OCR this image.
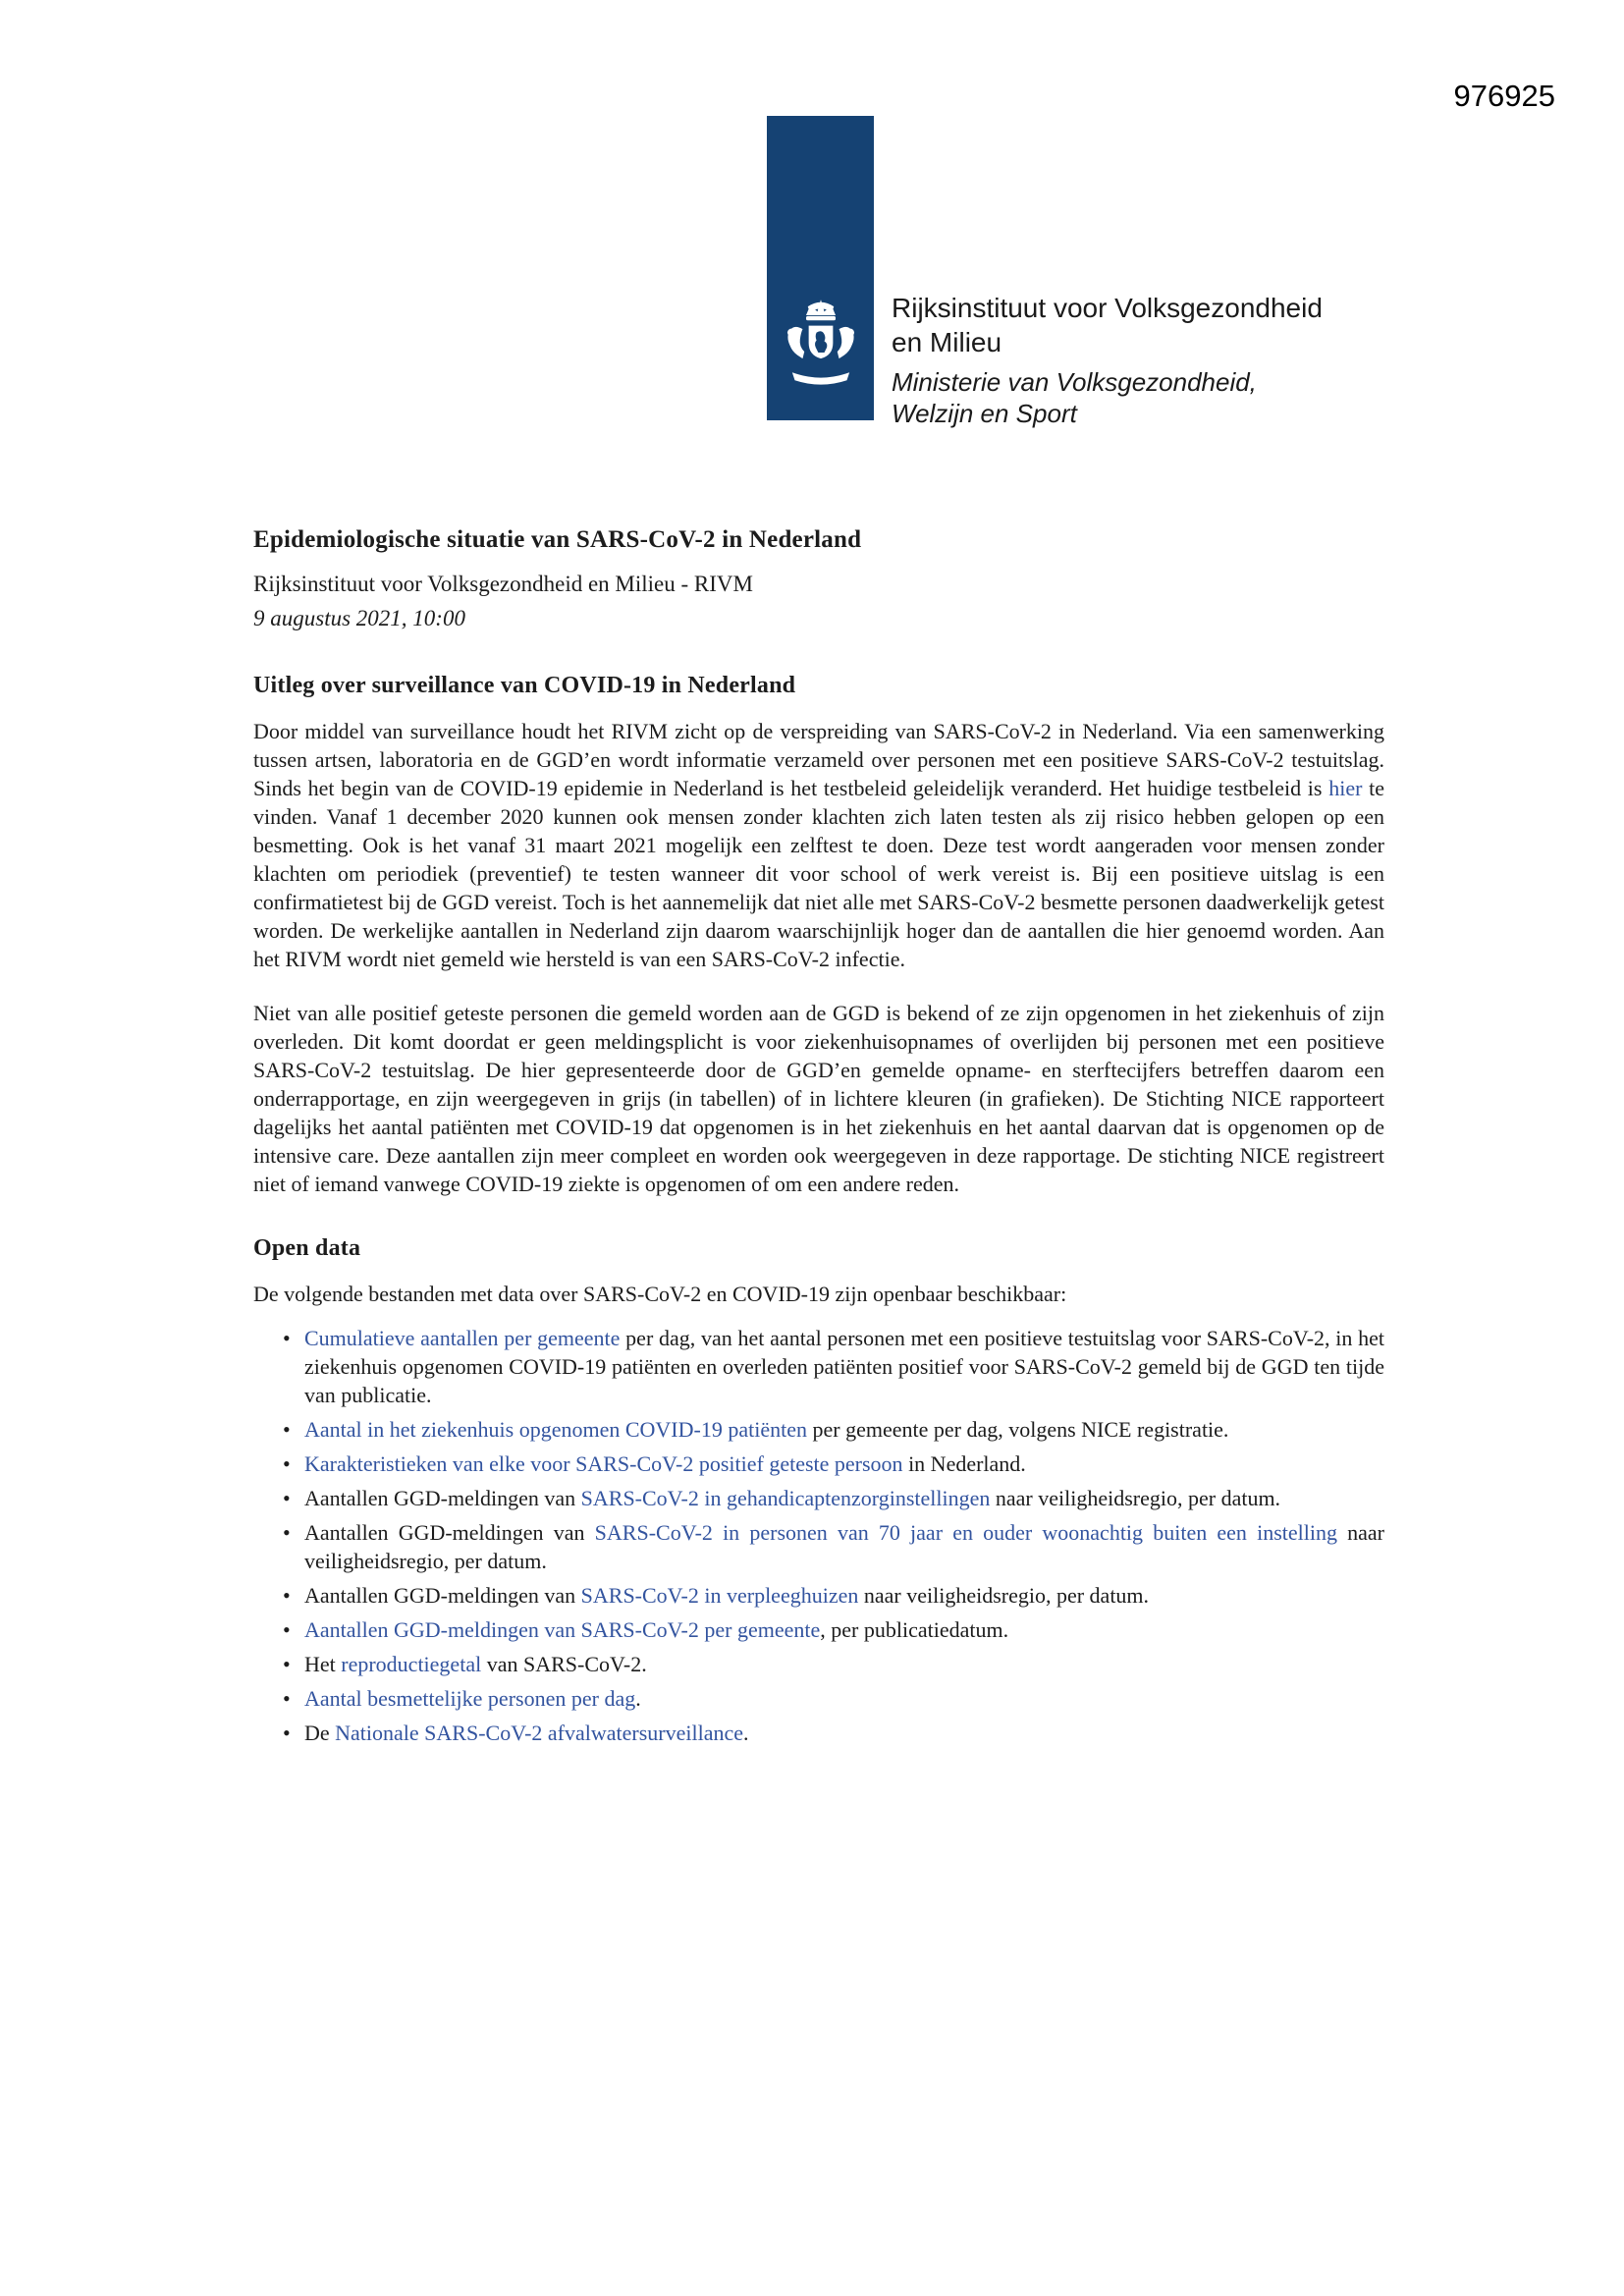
976925
Rijksinstituut voor Volksgezondheid
en Milieu
Ministerie van Volksgezondheid,
Welzijn en Sport
Epidemiologische situatie van SARS-CoV-2 in Nederland
Rijksinstituut voor Volksgezondheid en Milieu - RIVM
9 augustus 2021, 10:00
Uitleg over surveillance van COVID-19 in Nederland

Door middel van surveillance houdt het RIVM zicht op de verspreiding van SARS-CoV-2 in Nederland. Via een samenwerking tussen artsen, laboratoria en de GGD’en wordt informatie verzameld over personen met een positieve SARS-CoV-2 testuitslag. Sinds het begin van de COVID-19 epidemie in Nederland is het testbeleid geleidelijk veranderd. Het huidige testbeleid is hier te vinden. Vanaf 1 december 2020 kunnen ook mensen zonder klachten zich laten testen als zij risico hebben gelopen op een besmetting. Ook is het vanaf 31 maart 2021 mogelijk een zelftest te doen. Deze test wordt aangeraden voor mensen zonder klachten om periodiek (preventief) te testen wanneer dit voor school of werk vereist is. Bij een positieve uitslag is een confirmatietest bij de GGD vereist. Toch is het aannemelijk dat niet alle met SARS-CoV-2 besmette personen daadwerkelijk getest worden. De werkelijke aantallen in Nederland zijn daarom waarschijnlijk hoger dan de aantallen die hier genoemd worden. Aan het RIVM wordt niet gemeld wie hersteld is van een SARS-CoV-2 infectie.

Niet van alle positief geteste personen die gemeld worden aan de GGD is bekend of ze zijn opgenomen in het ziekenhuis of zijn overleden. Dit komt doordat er geen meldingsplicht is voor ziekenhuisopnames of overlijden bij personen met een positieve SARS-CoV-2 testuitslag. De hier gepresenteerde door de GGD’en gemelde opname- en sterftecijfers betreffen daarom een onderrapportage, en zijn weergegeven in grijs (in tabellen) of in lichtere kleuren (in grafieken). De Stichting NICE rapporteert dagelijks het aantal patiënten met COVID-19 dat opgenomen is in het ziekenhuis en het aantal daarvan dat is opgenomen op de intensive care. Deze aantallen zijn meer compleet en worden ook weergegeven in deze rapportage. De stichting NICE registreert niet of iemand vanwege COVID-19 ziekte is opgenomen of om een andere reden.

Open data

De volgende bestanden met data over SARS-CoV-2 en COVID-19 zijn openbaar beschikbaar:

• Cumulatieve aantallen per gemeente per dag, van het aantal personen met een positieve testuitslag voor SARS-CoV-2, in het ziekenhuis opgenomen COVID-19 patiënten en overleden patiënten positief voor SARS-CoV-2 gemeld bij de GGD ten tijde van publicatie.
• Aantal in het ziekenhuis opgenomen COVID-19 patiënten per gemeente per dag, volgens NICE registratie.
• Karakteristieken van elke voor SARS-CoV-2 positief geteste persoon in Nederland.
• Aantallen GGD-meldingen van SARS-CoV-2 in gehandicaptenzorginstellingen naar veiligheidsregio, per datum.
• Aantallen GGD-meldingen van SARS-CoV-2 in personen van 70 jaar en ouder woonachtig buiten een instelling naar veiligheidsregio, per datum.
• Aantallen GGD-meldingen van SARS-CoV-2 in verpleeghuizen naar veiligheidsregio, per datum.
• Aantallen GGD-meldingen van SARS-CoV-2 per gemeente, per publicatiedatum.
• Het reproductiegetal van SARS-CoV-2.
• Aantal besmettelijke personen per dag.
• De Nationale SARS-CoV-2 afvalwatersurveillance.
